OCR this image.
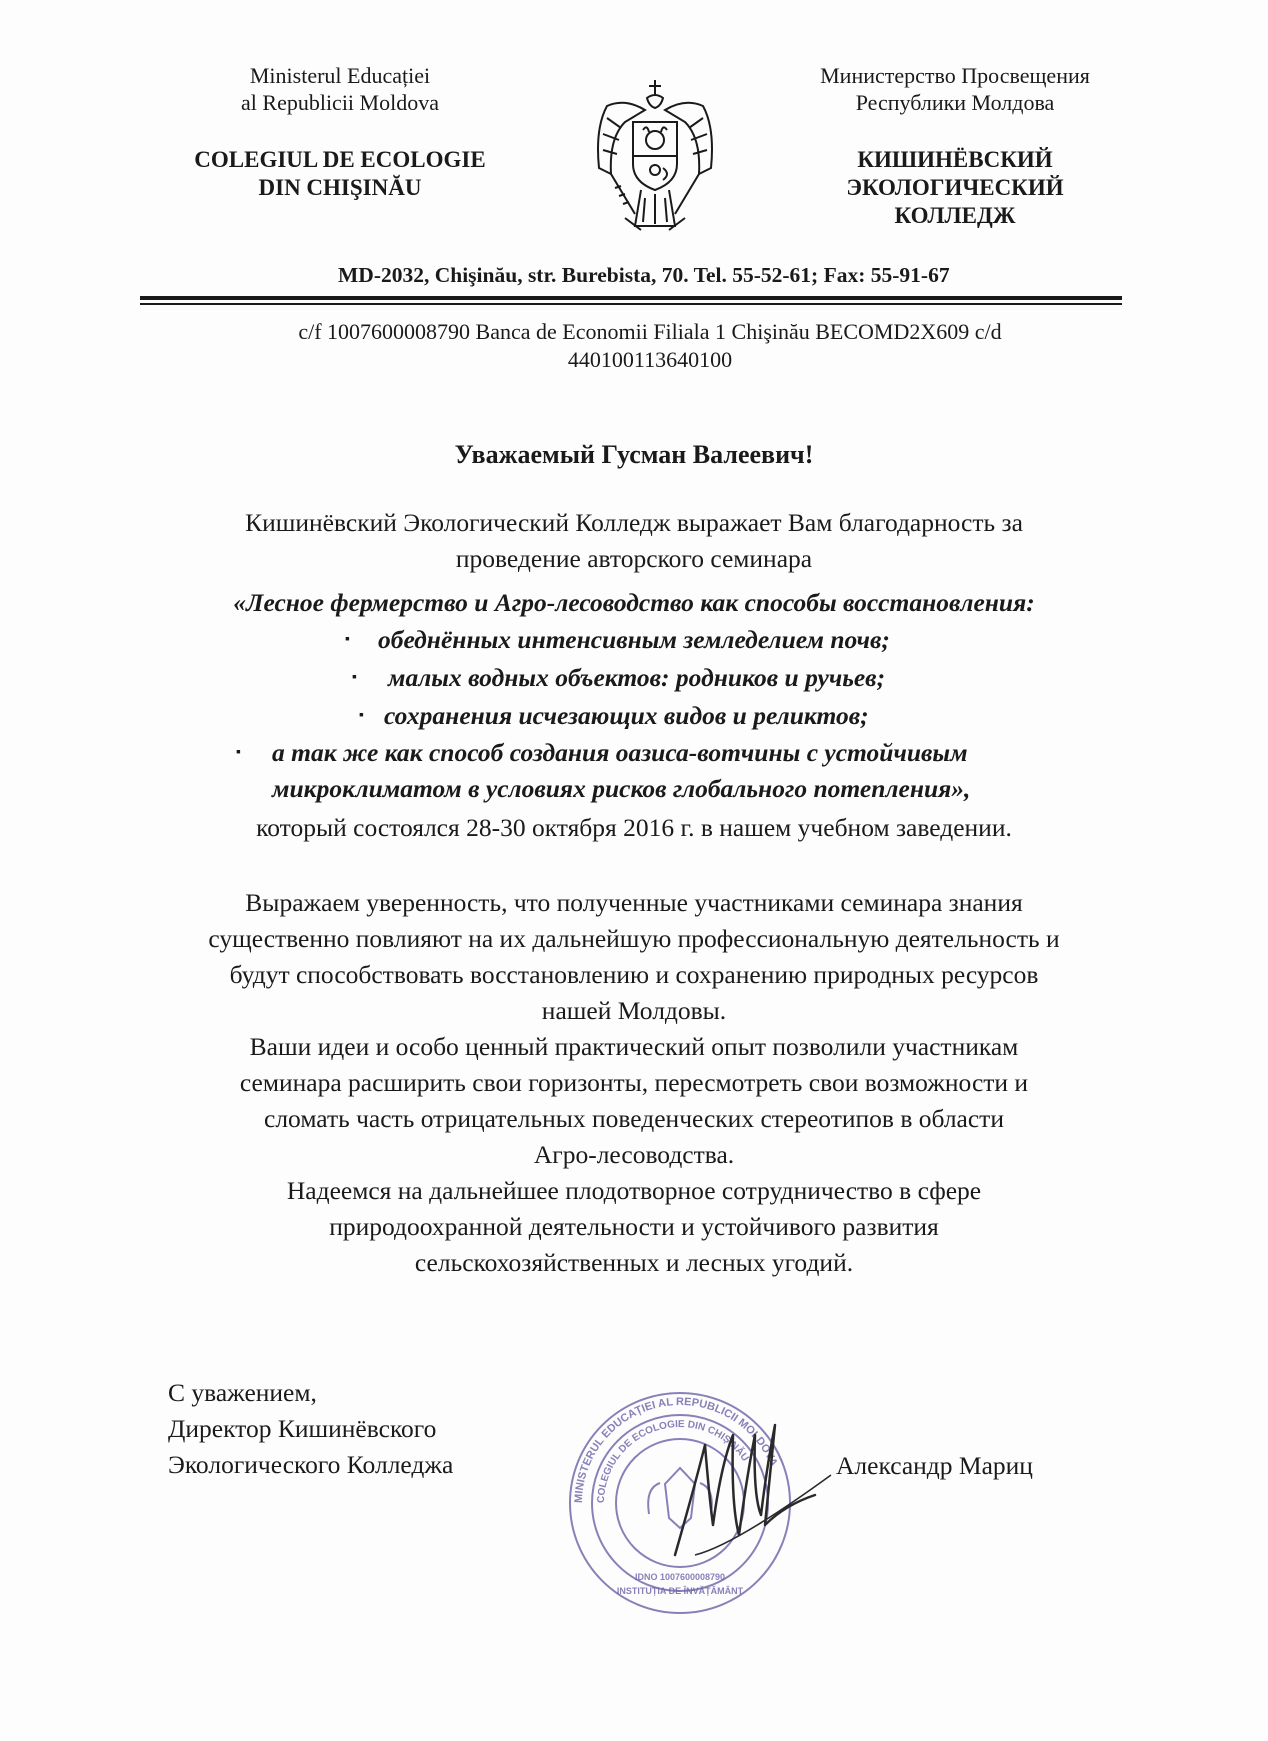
Ministerul Educației
al Republicii Moldova
COLEGIUL DE ECOLOGIE
DIN CHIŞINĂU
Министерство Просвещения
Республики Молдова
КИШИНЁВСКИЙ
ЭКОЛОГИЧЕСКИЙ
КОЛЛЕДЖ
MD-2032, Chişinău, str. Burebista, 70. Tel. 55-52-61; Fax: 55-91-67
c/f 1007600008790 Banca de Economii Filiala 1 Chişinău BECOMD2X609 c/d
440100113640100
Уважаемый Гусман Валеевич!
Кишинёвский Экологический Колледж выражает Вам благодарность за
проведение авторского семинара
«Лесное фермерство и Агро-лесоводство как способы восстановления:
▪ обеднённых интенсивным земледелием почв;
▪ малых водных объектов: родников и ручьев;
▪ сохранения исчезающих видов и реликтов;
▪ а так же как способ создания оазиса-вотчины с устойчивым
микроклиматом в условиях рисков глобального потепления»,
который состоялся 28-30 октября 2016 г. в нашем учебном заведении.
Выражаем уверенность, что полученные участниками семинара знания
существенно повлияют на их дальнейшую профессиональную деятельность и
будут способствовать восстановлению и сохранению природных ресурсов
нашей Молдовы.
Ваши идеи и особо ценный практический опыт позволили участникам
семинара расширить свои горизонты, пересмотреть свои возможности и
сломать часть отрицательных поведенческих стереотипов в области
Агро-лесоводства.
Надеемся на дальнейшее плодотворное сотрудничество в сфере
природоохранной деятельности и устойчивого развития
сельскохозяйственных и лесных угодий.
С уважением,
Директор Кишинёвского
Экологического Колледжа	Александр Мариц
MINISTERUL EDUCAȚIEI AL REPUBLICII MOLDOVA
COLEGIUL DE ECOLOGIE DIN CHIȘINĂU
IDNO 1007600008790
INSTITUȚIA DE ÎNVĂȚĂMÂNT
